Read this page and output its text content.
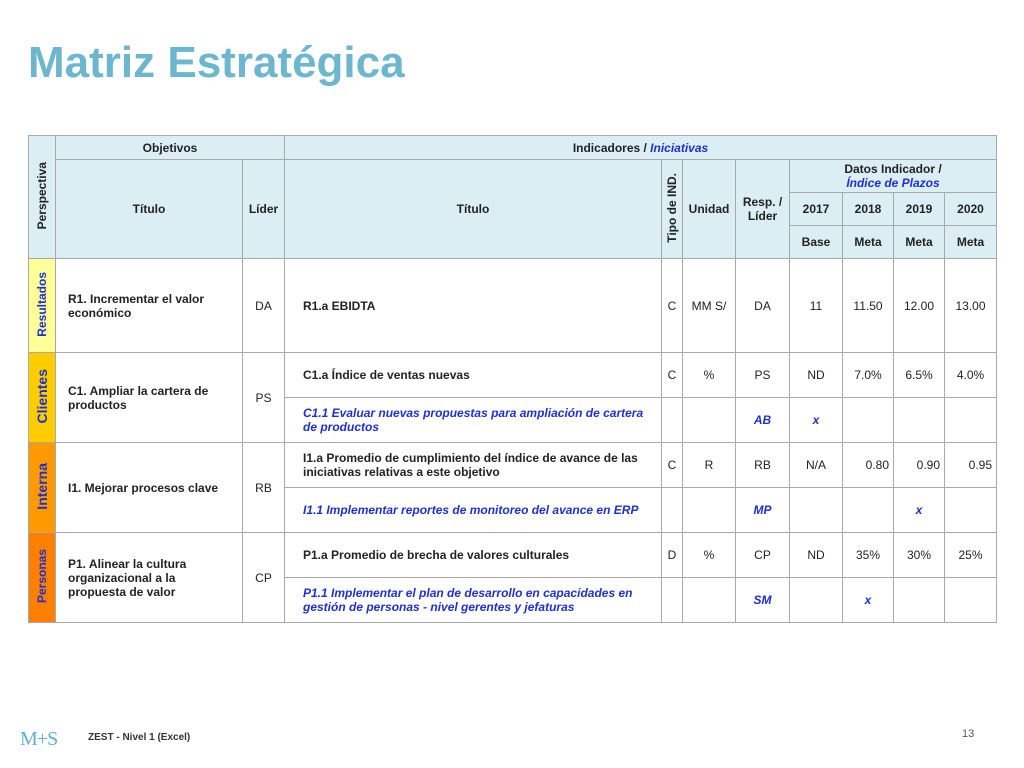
Matriz Estratégica
Perspectiva	Objetivos		Indicadores / Iniciativas							
	Título	Líder	Título	Tipo de IND.	Unidad	Resp. / Líder	Datos Indicador /
Índice de Plazos			

							2017	2018	2019	2020
							Base	Meta	Meta	Meta
Resultados	R1. Incrementar el valor económico	DA	R1.a EBIDTA	C	MM S/	DA	11	11.50	12.00	13.00
Clientes	C1. Ampliar la cartera de productos	PS	C1.a Índice de ventas nuevas	C	%	PS	ND	7.0%	6.5%	4.0%
			C1.1 Evaluar nuevas propuestas para ampliación de cartera de productos			AB	x			
Interna	I1. Mejorar procesos clave	RB	I1.a Promedio de cumplimiento del índice de avance de las iniciativas relativas a este objetivo	C	R	RB	N/A	0.80	0.90	0.95
			I1.1 Implementar reportes de monitoreo del avance en ERP			MP			x	
Personas	P1. Alinear la cultura organizacional a la propuesta de valor	CP	P1.a Promedio de brecha de valores culturales	D	%	CP	ND	35%	30%	25%
			P1.1 Implementar el plan de desarrollo en capacidades en gestión de personas - nivel gerentes y jefaturas			SM		x		
M+S	ZEST - Nivel 1 (Excel)	13
